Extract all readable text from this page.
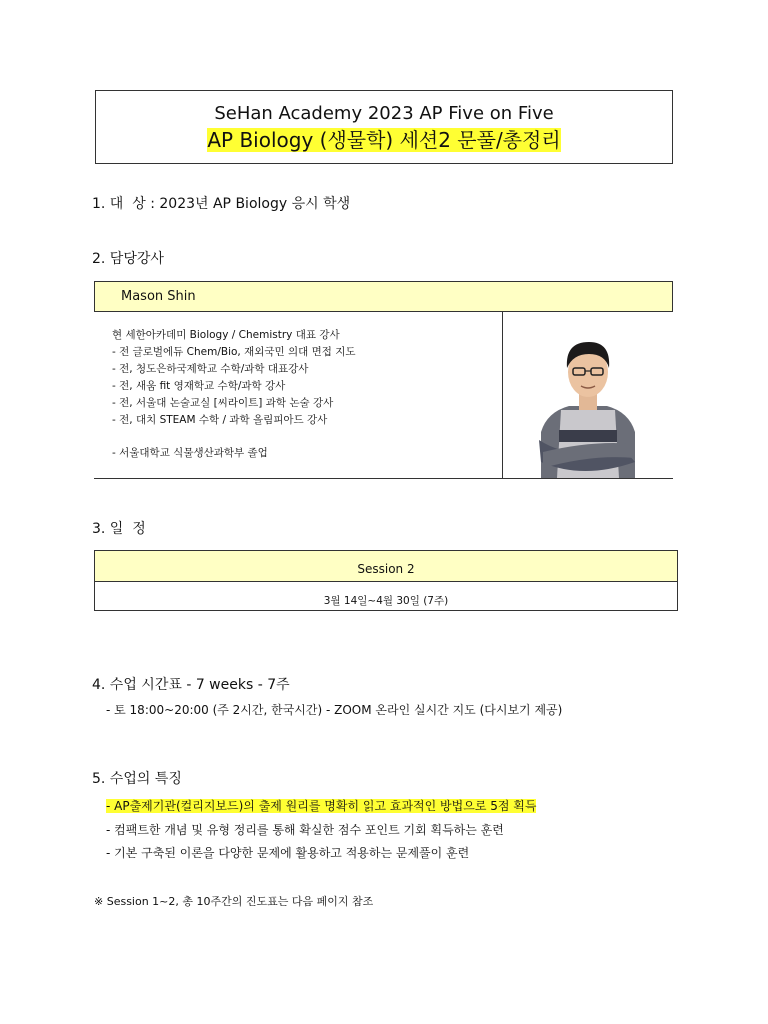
SeHan Academy 2023 AP Five on Five
AP Biology (생물학) 세션2 문풀/총정리
1. 대  상 : 2023년 AP Biology 응시 학생
2. 담당강사
Mason Shin
현 세한아카데미 Biology / Chemistry 대표 강사
- 전 글로벌에듀 Chem/Bio, 재외국민 의대 면접 지도
- 전, 청도은하국제학교 수학/과학 대표강사
- 전, 새움 fit 영재학교 수학/과학 강사
- 전, 서울대 논술교실 [씨라이트] 과학 논술 강사
- 전, 대치 STEAM 수학 / 과학 올림피아드 강사
- 서울대학교 식물생산과학부 졸업
3. 일  정
$_{Session 2}$
$_{3월 14일\sim 4월 30일 (7주)}$
4. 수업 시간표 - 7 weeks - 7주
- 토 18:00~20:00 (주 2시간, 한국시간) - ZOOM 온라인 실시간 지도 (다시보기 제공)
5. 수업의 특징
- AP출제기관(컬리지보드)의 출제 원리를 명확히 읽고 효과적인 방법으로 5점 획득
- 컴팩트한 개념 및 유형 정리를 통해 확실한 점수 포인트 기회 획득하는 훈련
- 기본 구축된 이론을 다양한 문제에 활용하고 적용하는 문제풀이 훈련
※ Session 1~2, 총 10주간의 진도표는 다음 페이지 참조
